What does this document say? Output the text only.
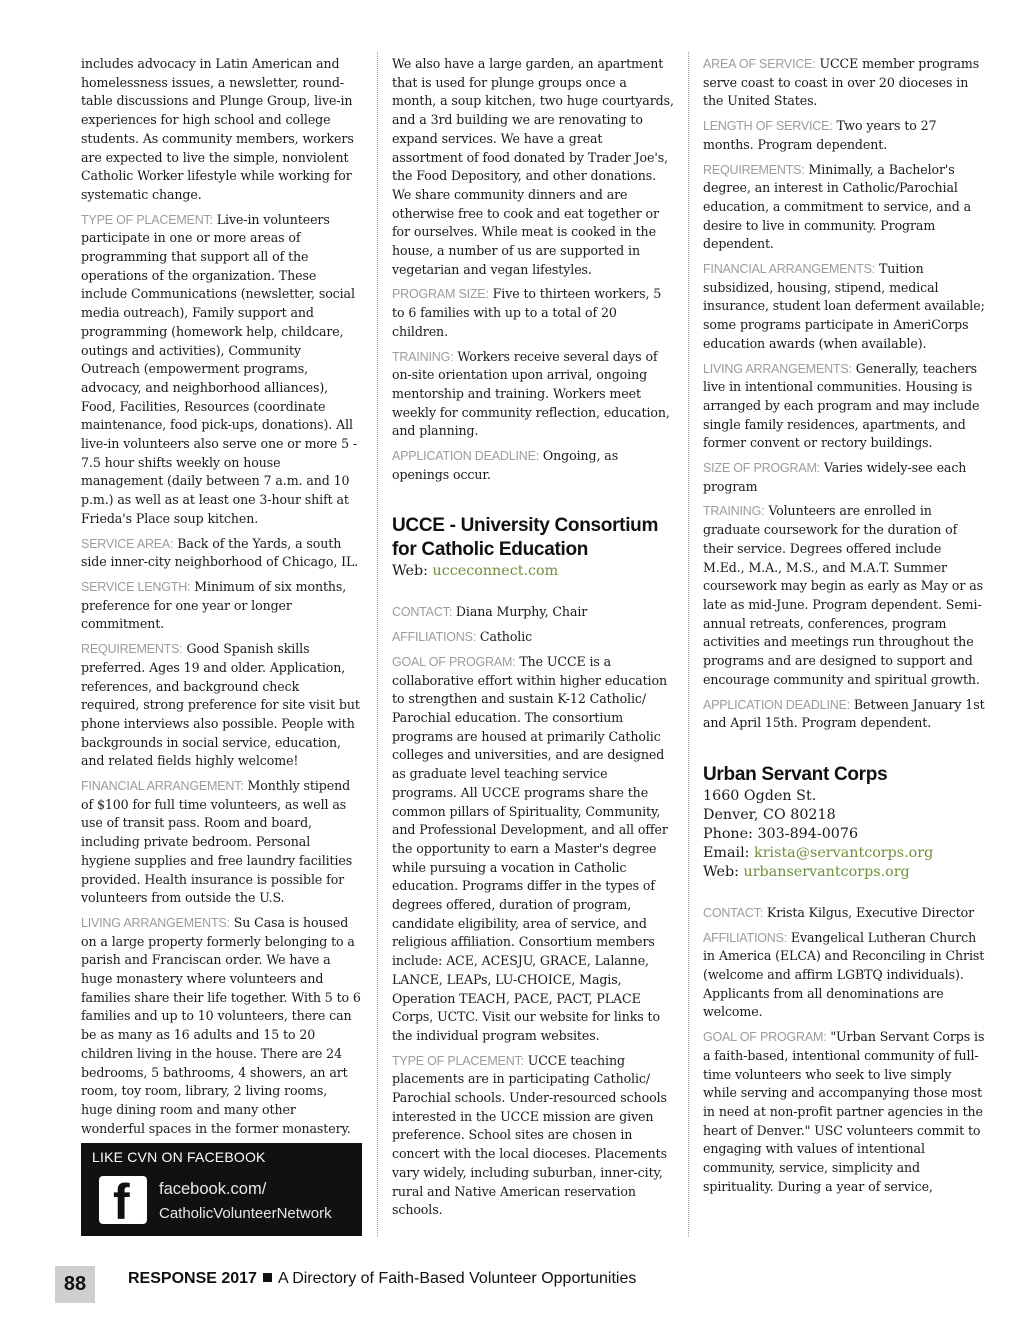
includes advocacy in Latin American and homelessness issues, a newsletter, round-table discussions and Plunge Group, live-in experiences for high school and college students. As community members, workers are expected to live the simple, nonviolent Catholic Worker lifestyle while working for systematic change.

TYPE OF PLACEMENT: Live-in volunteers participate in one or more areas of programming that support all of the operations of the organization. These include Communications (newsletter, social media outreach), Family support and programming (homework help, childcare, outings and activities), Community Outreach (empowerment programs, advocacy, and neighborhood alliances), Food, Facilities, Resources (coordinate maintenance, food pick-ups, donations). All live-in volunteers also serve one or more 5 - 7.5 hour shifts weekly on house management (daily between 7 a.m. and 10 p.m.) as well as at least one 3-hour shift at Frieda's Place soup kitchen.

SERVICE AREA: Back of the Yards, a south side inner-city neighborhood of Chicago, IL.

SERVICE LENGTH: Minimum of six months, preference for one year or longer commitment.

REQUIREMENTS: Good Spanish skills preferred. Ages 19 and older. Application, references, and background check required, strong preference for site visit but phone interviews also possible. People with backgrounds in social service, education, and related fields highly welcome!

FINANCIAL ARRANGEMENT: Monthly stipend of $100 for full time volunteers, as well as use of transit pass. Room and board, including private bedroom. Personal hygiene supplies and free laundry facilities provided. Health insurance is possible for volunteers from outside the U.S.

LIVING ARRANGEMENTS: Su Casa is housed on a large property formerly belonging to a parish and Franciscan order. We have a huge monastery where volunteers and families share their life together. With 5 to 6 families and up to 10 volunteers, there can be as many as 16 adults and 15 to 20 children living in the house. There are 24 bedrooms, 5 bathrooms, 4 showers, an art room, toy room, library, 2 living rooms, huge dining room and many other wonderful spaces in the former monastery.

LIKE CVN ON FACEBOOK
f facebook.com/
CatholicVolunteerNetwork

We also have a large garden, an apartment that is used for plunge groups once a month, a soup kitchen, two huge courtyards, and a 3rd building we are renovating to expand services. We have a great assortment of food donated by Trader Joe's, the Food Depository, and other donations. We share community dinners and are otherwise free to cook and eat together or for ourselves. While meat is cooked in the house, a number of us are supported in vegetarian and vegan lifestyles.

PROGRAM SIZE: Five to thirteen workers, 5 to 6 families with up to a total of 20 children.

TRAINING: Workers receive several days of on-site orientation upon arrival, ongoing mentorship and training. Workers meet weekly for community reflection, education, and planning.

APPLICATION DEADLINE: Ongoing, as openings occur.

UCCE - University Consortium for Catholic Education

Web: ucceconnect.com

CONTACT: Diana Murphy, Chair

AFFILIATIONS: Catholic

GOAL OF PROGRAM: The UCCE is a collaborative effort within higher education to strengthen and sustain K-12 Catholic/ Parochial education. The consortium programs are housed at primarily Catholic colleges and universities, and are designed as graduate level teaching service programs. All UCCE programs share the common pillars of Spirituality, Community, and Professional Development, and all offer the opportunity to earn a Master's degree while pursuing a vocation in Catholic education. Programs differ in the types of degrees offered, duration of program, candidate eligibility, area of service, and religious affiliation. Consortium members include: ACE, ACESJU, GRACE, Lalanne, LANCE, LEAPs, LU-CHOICE, Magis, Operation TEACH, PACE, PACT, PLACE Corps, UCTC. Visit our website for links to the individual program websites.

TYPE OF PLACEMENT: UCCE teaching placements are in participating Catholic/ Parochial schools. Under-resourced schools interested in the UCCE mission are given preference. School sites are chosen in concert with the local dioceses. Placements vary widely, including suburban, inner-city, rural and Native American reservation schools.

AREA OF SERVICE: UCCE member programs serve coast to coast in over 20 dioceses in the United States.

LENGTH OF SERVICE: Two years to 27 months. Program dependent.

REQUIREMENTS: Minimally, a Bachelor's degree, an interest in Catholic/Parochial education, a commitment to service, and a desire to live in community. Program dependent.

FINANCIAL ARRANGEMENTS: Tuition subsidized, housing, stipend, medical insurance, student loan deferment available; some programs participate in AmeriCorps education awards (when available).

LIVING ARRANGEMENTS: Generally, teachers live in intentional communities. Housing is arranged by each program and may include single family residences, apartments, and former convent or rectory buildings.

SIZE OF PROGRAM: Varies widely-see each program

TRAINING: Volunteers are enrolled in graduate coursework for the duration of their service. Degrees offered include M.Ed., M.A., M.S., and M.A.T. Summer coursework may begin as early as May or as late as mid-June. Program dependent. Semi-annual retreats, conferences, program activities and meetings run throughout the programs and are designed to support and encourage community and spiritual growth.

APPLICATION DEADLINE: Between January 1st and April 15th. Program dependent.

Urban Servant Corps

1660 Ogden St.

Denver, CO 80218

Phone: 303-894-0076

Email: krista@servantcorps.org

Web: urbanservantcorps.org

CONTACT: Krista Kilgus, Executive Director

AFFILIATIONS: Evangelical Lutheran Church in America (ELCA) and Reconciling in Christ (welcome and affirm LGBTQ individuals). Applicants from all denominations are welcome.

GOAL OF PROGRAM: "Urban Servant Corps is a faith-based, intentional community of full-time volunteers who seek to live simply while serving and accompanying those most in need at non-profit partner agencies in the heart of Denver." USC volunteers commit to engaging with values of intentional community, service, simplicity and spirituality. During a year of service,

88	RESPONSE 2017 A Directory of Faith-Based Volunteer Opportunities
